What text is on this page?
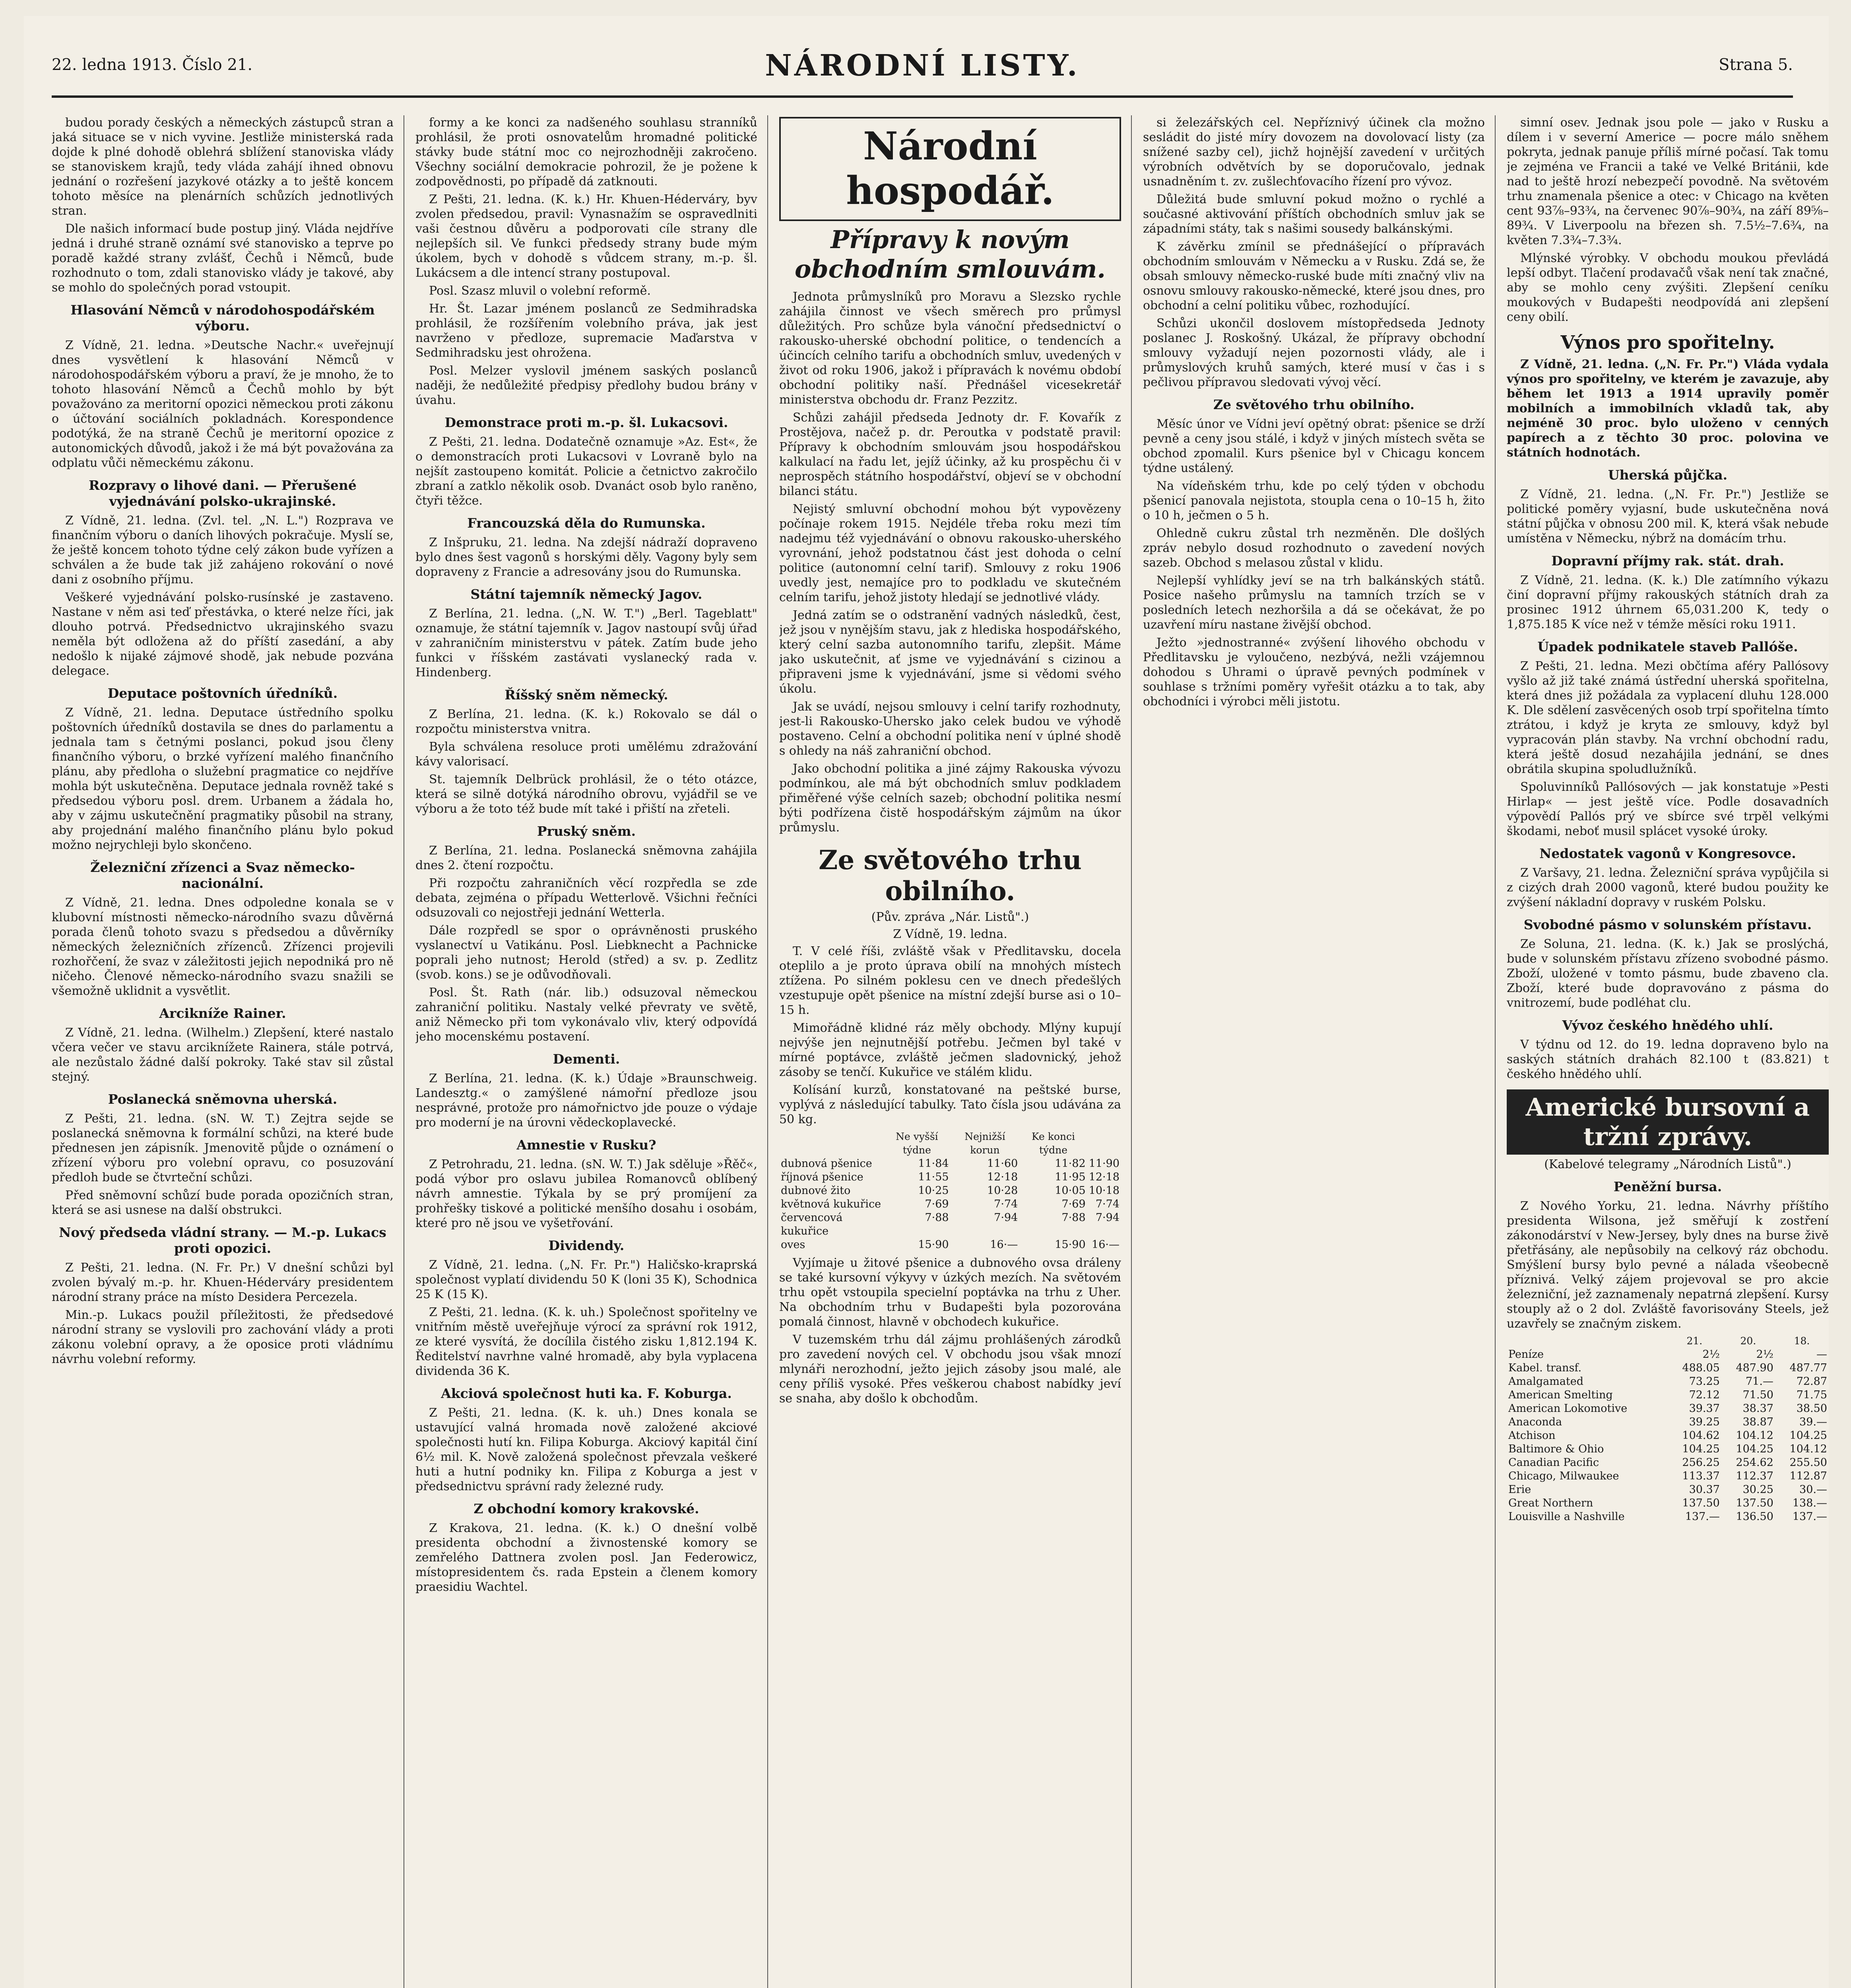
22. ledna 1913. Číslo 21.	NÁRODNÍ LISTY.	Strana 5.

budou porady českých a německých zástupců stran a jaká situace se v nich vyvine. Jestliže ministerská rada dojde k plné dohodě oblehrá sblížení stanoviska vlády se stanoviskem krajů, tedy vláda zahájí ihned obnovu jednání o rozřešení jazykové otázky a to ještě koncem tohoto měsíce na plenárních schůzích jednotlivých stran.

Dle našich informací bude postup jiný. Vláda nejdříve jedná i druhé straně oznámí své stanovisko a teprve po poradě každé strany zvlášť, Čechů i Němců, bude rozhodnuto o tom, zdali stanovisko vlády je takové, aby se mohlo do společných porad vstoupit.

Hlasování Němců v národohospodářském výboru.

Z Vídně, 21. ledna. »Deutsche Nachr.« uveřejnují dnes vysvětlení k hlasování Němců v národohospodářském výboru a praví, že je mnoho, že to tohoto hlasování Němců a Čechů mohlo by být považováno za meritorní opozici německou proti zákonu o účtování sociálních pokladnách. Korespondence podotýká, že na straně Čechů je meritorní opozice z autonomických důvodů, jakož i že má být považována za odplatu vůči německému zákonu.

Rozpravy o lihové dani. — Přerušené vyjednávání polsko-ukrajinské.

Z Vídně, 21. ledna. (Zvl. tel. „N. L.") Rozprava ve finančním výboru o daních lihových pokračuje. Myslí se, že ještě koncem tohoto týdne celý zákon bude vyřízen a schválen a že bude tak již zahájeno rokování o nové dani z osobního příjmu.

Veškeré vyjednávání polsko-rusínské je zastaveno. Nastane v něm asi teď přestávka, o které nelze říci, jak dlouho potrvá. Předsednictvo ukrajinského svazu neměla být odložena až do příští zasedání, a aby nedošlo k nijaké zájmové shodě, jak nebude pozvána delegace.

Deputace poštovních úředníků.

Z Vídně, 21. ledna. Deputace ústředního spolku poštovních úředníků dostavila se dnes do parlamentu a jednala tam s četnými poslanci, pokud jsou členy finančního výboru, o brzké vyřízení malého finančního plánu, aby předloha o služební pragmatice co nejdříve mohla být uskutečněna. Deputace jednala rovněž také s předsedou výboru posl. drem. Urbanem a žádala ho, aby v zájmu uskutečnění pragmatiky působil na strany, aby projednání malého finančního plánu bylo pokud možno nejrychleji bylo skončeno.

Železniční zřízenci a Svaz německo-nacionální.

Z Vídně, 21. ledna. Dnes odpoledne konala se v klubovní místnosti německo-národního svazu důvěrná porada členů tohoto svazu s předsedou a důvěrníky německých železničních zřízenců. Zřízenci projevili rozhořčení, že svaz v záležitosti jejich nepodniká pro ně ničeho. Členové německo-národního svazu snažili se všemožně uklidnit a vysvětlit.

Arcikníže Rainer.

Z Vídně, 21. ledna. (Wilhelm.) Zlepšení, které nastalo včera večer ve stavu arciknížete Rainera, stále potrvá, ale nezůstalo žádné další pokroky. Také stav sil zůstal stejný.

Poslanecká sněmovna uherská.

Z Pešti, 21. ledna. (sN. W. T.) Zejtra sejde se poslanecká sněmovna k formální schůzi, na které bude přednesen jen zápisník. Jmenovitě půjde o oznámení o zřízení výboru pro volební opravu, co posuzování předloh bude se čtvrteční schůzi.

Před sněmovní schůzí bude porada opozičních stran, která se asi usnese na další obstrukci.

Nový předseda vládní strany. — M.-p. Lukacs proti opozici.

Z Pešti, 21. ledna. (N. Fr. Pr.) V dnešní schůzi byl zvolen bývalý m.-p. hr. Khuen-Héderváry presidentem národní strany práce na místo Desidera Percezela.

Min.-p. Lukacs použil příležitosti, že předsedové národní strany se vyslovili pro zachování vlády a proti zákonu volební opravy, a že oposice proti vládnímu návrhu volební reformy.

formy a ke konci za nadšeného souhlasu stranníků prohlásil, že proti osnovatelům hromadné politické stávky bude státní moc co nejrozhodněji zakročeno. Všechny sociální demokracie pohrozil, že je požene k zodpovědnosti, po případě dá zatknouti.

Z Pešti, 21. ledna. (K. k.) Hr. Khuen-Héderváry, byv zvolen předsedou, pravil: Vynasnažím se ospravedlniti vaši čestnou důvěru a podporovati cíle strany dle nejlepších sil. Ve funkci předsedy strany bude mým úkolem, bych v dohodě s vůdcem strany, m.-p. šl. Lukácsem a dle intencí strany postupoval.

Posl. Szasz mluvil o volební reformě.

Hr. Št. Lazar jménem poslanců ze Sedmihradska prohlásil, že rozšířením volebního práva, jak jest navrženo v předloze, supremacie Maďarstva v Sedmihradsku jest ohrožena.

Posl. Melzer vyslovil jménem saských poslanců naději, že nedůležité předpisy předlohy budou brány v úvahu.

Demonstrace proti m.-p. šl. Lukacsovi.

Z Pešti, 21. ledna. Dodatečně oznamuje »Az. Est«, že o demonstracích proti Lukacsovi v Lovraně bylo na nejšít zastoupeno komitát. Policie a četnictvo zakročilo zbraní a zatklo několik osob. Dvanáct osob bylo raněno, čtyři těžce.

Francouzská děla do Rumunska.

Z Inšpruku, 21. ledna. Na zdejší nádraží dopraveno bylo dnes šest vagonů s horskými děly. Vagony byly sem dopraveny z Francie a adresovány jsou do Rumunska.

Státní tajemník německý Jagov.

Z Berlína, 21. ledna. („N. W. T.") „Berl. Tageblatt" oznamuje, že státní tajemník v. Jagov nastoupí svůj úřad v zahraničním ministerstvu v pátek. Zatím bude jeho funkci v říšském zastávati vyslanecký rada v. Hindenberg.

Říšský sněm německý.

Z Berlína, 21. ledna. (K. k.) Rokovalo se dál o rozpočtu ministerstva vnitra.

Byla schválena resoluce proti umělému zdražování kávy valorisací.

St. tajemník Delbrück prohlásil, že o této otázce, která se silně dotýká národního obrovu, vyjádřil se ve výboru a že toto též bude mít také i přiští na zřeteli.

Pruský sněm.

Z Berlína, 21. ledna. Poslanecká sněmovna zahájila dnes 2. čtení rozpočtu.

Při rozpočtu zahraničních věcí rozpředla se zde debata, zejména o případu Wetterlově. Všichni řečníci odsuzovali co nejostřeji jednání Wetterla.

Dále rozpředl se spor o oprávněnosti pruského vyslanectví u Vatikánu. Posl. Liebknecht a Pachnicke poprali jeho nutnost; Herold (střed) a sv. p. Zedlitz (svob. kons.) se je odůvodňovali.

Posl. Št. Rath (nár. lib.) odsuzoval německou zahraniční politiku. Nastaly velké převraty ve světě, aniž Německo při tom vykonávalo vliv, který odpovídá jeho mocenskému postavení.

Dementi.

Z Berlína, 21. ledna. (K. k.) Údaje »Braunschweig. Landesztg.« o zamýšlené námořní předloze jsou nesprávné, protože pro námořnictvo jde pouze o výdaje pro moderní je na úrovni vědeckoplavecké.

Amnestie v Rusku?

Z Petrohradu, 21. ledna. (sN. W. T.) Jak sděluje »Řěč«, podá výbor pro oslavu jubilea Romanovců oblíbený návrh amnestie. Týkala by se prý promíjení za prohřešky tiskové a politické menšího dosahu i osobám, které pro ně jsou ve vyšetřování.

Dividendy.

Z Vídně, 21. ledna. („N. Fr. Pr.") Haličsko-kraprská společnost vyplatí dividendu 50 K (loni 35 K), Schodnica 25 K (15 K).

Z Pešti, 21. ledna. (K. k. uh.) Společnost spořitelny ve vnitřním městě uveřejňuje výrocí za správní rok 1912, ze které vysvítá, že docílila čistého zisku 1,812.194 K. Ředitelství navrhne valné hromadě, aby byla vyplacena dividenda 36 K.

Akciová společnost huti ka. F. Koburga.

Z Pešti, 21. ledna. (K. k. uh.) Dnes konala se ustavující valná hromada nově založené akciové společnosti hutí kn. Filipa Koburga. Akciový kapitál činí 6½ mil. K. Nově založená společnost převzala veškeré huti a hutní podniky kn. Filipa z Koburga a jest v předsednictvu správní rady železné rudy.

Z obchodní komory krakovské.

Z Krakova, 21. ledna. (K. k.) O dnešní volbě presidenta obchodní a živnostenské komory se zemřelého Dattnera zvolen posl. Jan Federowicz, místopresidentem čs. rada Epstein a členem komory praesidiu Wachtel.

Národní hospodář.
Přípravy k novým obchodním smlouvám.

Jednota průmyslníků pro Moravu a Slezsko rychle zahájila činnost ve všech směrech pro průmysl důležitých. Pro schůze byla vánoční předsednictví o rakousko-uherské obchodní politice, o tendencích a účincích celního tarifu a obchodních smluv, uvedených v život od roku 1906, jakož i přípravách k novému období obchodní politiky naší. Přednášel vicesekretář ministerstva obchodu dr. Franz Pezzitz.

Schůzi zahájil předseda Jednoty dr. F. Kovařík z Prostějova, načež p. dr. Peroutka v podstatě pravil: Přípravy k obchodním smlouvám jsou hospodářskou kalkulací na řadu let, jejíž účinky, až ku prospěchu či v neprospěch státního hospodářství, objeví se v obchodní bilanci státu.

Nejistý smluvní obchodní mohou být vypovězeny počínaje rokem 1915. Nejdéle třeba roku mezi tím nadejmu též vyjednávání o obnovu rakousko-uherského vyrovnání, jehož podstatnou část jest dohoda o celní politice (autonomní celní tarif). Smlouvy z roku 1906 uvedly jest, nemajíce pro to podkladu ve skutečném celním tarifu, jehož jistoty hledají se jednotlivé vlády.

Jedná zatím se o odstranění vadných následků, čest, jež jsou v nynějším stavu, jak z hlediska hospodářského, který celní sazba autonomního tarifu, zlepšit. Máme jako uskutečnit, ať jsme ve vyjednávání s cizinou a připraveni jsme k vyjednávání, jsme si vědomi svého úkolu.

Jak se uvádí, nejsou smlouvy i celní tarify rozhodnuty, jest-li Rakousko-Uhersko jako celek budou ve výhodě postaveno. Celní a obchodní politika není v úplné shodě s ohledy na náš zahraniční obchod.

Jako obchodní politika a jiné zájmy Rakouska vývozu podmínkou, ale má být obchodních smluv podkladem přiměřené výše celních sazeb; obchodní politika nesmí býti podřízena čistě hospodářským zájmům na úkor průmyslu.

Ze světového trhu obilního.
(Pův. zpráva „Nár. Listů".)
Z Vídně, 19. ledna.

T. V celé říši, zvláště však v Předlitavsku, docela oteplilo a je proto úprava obilí na mnohých místech ztížena. Po silném poklesu cen ve dnech předešlých vzestupuje opět pšenice na místní zdejší burse asi o 10–15 h.

Mimořádně klidné ráz měly obchody. Mlýny kupují nejvýše jen nejnutnější potřebu. Ječmen byl také v mírné poptávce, zvláště ječmen sladovnický, jehož zásoby se tenčí. Kukuřice ve stálém klidu.

Kolísání kurzů, konstatované na peštské burse, vyplývá z následující tabulky. Tato čísla jsou udávána za 50 kg.

	Ne vyšší týdne	Nejnižší korun	Ke konci týdne	
dubnová pšenice	11·84	11·60	11·82	11·90
říjnová pšenice	11·55	12·18	11·95	12·18
dubnové žito	10·25	10·28	10·05	10·18
květnová kukuřice	7·69	7·74	7·69	7·74
červencová kukuřice	7·88	7·94	7·88	7·94
oves	15·90	16·—	15·90	16·—

Vyjímaje u žitové pšenice a dubnového ovsa dráleny se také kursovní výkyvy v úzkých mezích. Na světovém trhu opět vstoupila specielní poptávka na trhu z Uher. Na obchodním trhu v Budapešti byla pozorována pomalá činnost, hlavně v obchodech kukuřice.

V tuzemském trhu dál zájmu prohlášených zárodků pro zavedení nových cel. V obchodu jsou však mnozí mlynáři nerozhodní, ježto jejich zásoby jsou malé, ale ceny příliš vysoké. Přes veškerou chabost nabídky jeví se snaha, aby došlo k obchodům.

si železářských cel. Nepříznivý účinek cla možno sesládit do jisté míry dovozem na dovolovací listy (za snížené sazby cel), jichž hojnější zavedení v určitých výrobních odvětvích by se doporučovalo, jednak usnadněním t. zv. zušlechťovacího řízení pro vývoz.

Důležitá bude smluvní pokud možno o rychlé a současné aktivování příštích obchodních smluv jak se západními státy, tak s našimi sousedy balkánskými.

K závěrku zmínil se přednášející o přípravách obchodním smlouvám v Německu a v Rusku. Zdá se, že obsah smlouvy německo-ruské bude míti značný vliv na osnovu smlouvy rakousko-německé, které jsou dnes, pro obchodní a celní politiku vůbec, rozhodující.

Schůzi ukončil doslovem místopředseda Jednoty poslanec J. Roskošný. Ukázal, že přípravy obchodní smlouvy vyžadují nejen pozornosti vlády, ale i průmyslových kruhů samých, které musí v čas i s pečlivou přípravou sledovati vývoj věcí.

Ze světového trhu obilního.

Měsíc únor ve Vídni jeví opětný obrat: pšenice se drží pevně a ceny jsou stálé, i když v jiných místech světa se obchod zpomalil. Kurs pšenice byl v Chicagu koncem týdne ustálený.

Na vídeňském trhu, kde po celý týden v obchodu pšenicí panovala nejistota, stoupla cena o 10–15 h, žito o 10 h, ječmen o 5 h.

Ohledně cukru zůstal trh nezměněn. Dle došlých zpráv nebylo dosud rozhodnuto o zavedení nových sazeb. Obchod s melasou zůstal v klidu.

Nejlepší vyhlídky jeví se na trh balkánských států. Posice našeho průmyslu na tamních trzích se v posledních letech nezhoršila a dá se očekávat, že po uzavření míru nastane živější obchod.

Ježto »jednostranné« zvýšení lihového obchodu v Předlitavsku je vyloučeno, nezbývá, nežli vzájemnou dohodou s Uhrami o úpravě pevných podmínek v souhlase s tržními poměry vyřešit otázku a to tak, aby obchodníci i výrobci měli jistotu.

simní osev. Jednak jsou pole — jako v Rusku a dílem i v severní Americe — pocre málo sněhem pokryta, jednak panuje příliš mírné počasí. Tak tomu je zejména ve Francii a také ve Velké Británii, kde nad to ještě hrozí nebezpečí povodně. Na světovém trhu znamenala pšenice a otec: v Chicago na květen cent 93⅞–93¾, na červenec 90⅞–90¾, na září 89⅝–89¾. V Liverpoolu na březen sh. 7.5½–7.6¾, na květen 7.3¾–7.3¾.

Mlýnské výrobky. V obchodu moukou převládá lepší odbyt. Tlačení prodavačů však není tak značné, aby se mohlo ceny zvýšiti. Zlepšení ceníku moukových v Budapešti neodpovídá ani zlepšení ceny obilí.

Výnos pro spořitelny.

Z Vídně, 21. ledna. („N. Fr. Pr.") Vláda vydala výnos pro spořitelny, ve kterém je zavazuje, aby během let 1913 a 1914 upravily poměr mobilních a immobilních vkladů tak, aby nejméně 30 proc. bylo uloženo v cenných papírech a z těchto 30 proc. polovina ve státních hodnotách.

Uherská půjčka.

Z Vídně, 21. ledna. („N. Fr. Pr.") Jestliže se politické poměry vyjasní, bude uskutečněna nová státní půjčka v obnosu 200 mil. K, která však nebude umístěna v Německu, nýbrž na domácím trhu.

Dopravní příjmy rak. stát. drah.

Z Vídně, 21. ledna. (K. k.) Dle zatímního výkazu činí dopravní příjmy rakouských státních drah za prosinec 1912 úhrnem 65,031.200 K, tedy o 1,875.185 K více než v témže měsíci roku 1911.

Úpadek podnikatele staveb Pallóše.

Z Pešti, 21. ledna. Mezi občtíma aféry Pallósovy vyšlo až již také známá ústřední uherská spořitelna, která dnes již požádala za vyplacení dluhu 128.000 K. Dle sdělení zasvěcených osob trpí spořitelna tímto ztrátou, i když je kryta ze smlouvy, když byl vypracován plán stavby. Na vrchní obchodní radu, která ještě dosud nezahájila jednání, se dnes obrátila skupina spoludlužníků.

Spoluvinníků Pallósových — jak konstatuje »Pesti Hirlap« — jest ještě více. Podle dosavadních výpovědí Pallós prý ve sbírce své trpěl velkými škodami, neboť musil splácet vysoké úroky.

Nedostatek vagonů v Kongresovce.

Z Varšavy, 21. ledna. Železniční správa vypůjčila si z cizých drah 2000 vagonů, které budou použity ke zvýšení nákladní dopravy v ruském Polsku.

Svobodné pásmo v solunském přístavu.

Ze Soluna, 21. ledna. (K. k.) Jak se proslýchá, bude v solunském přístavu zřízeno svobodné pásmo. Zboží, uložené v tomto pásmu, bude zbaveno cla. Zboží, které bude dopravováno z pásma do vnitrozemí, bude podléhat clu.

Vývoz českého hnědého uhlí.

V týdnu od 12. do 19. ledna dopraveno bylo na saských státních drahách 82.100 t (83.821) t českého hnědého uhlí.

Americké bursovní a tržní zprávy.
(Kabelové telegramy „Národních Listů".)
Peněžní bursa.

Z Nového Yorku, 21. ledna. Návrhy příštího presidenta Wilsona, jež směřují k zostření zákonodárství v New-Jersey, byly dnes na burse živě přetřásány, ale nepůsobily na celkový ráz obchodu. Smýšlení bursy bylo pevné a nálada všeobecně příznivá. Velký zájem projevoval se pro akcie železniční, jež zaznamenaly nepatrná zlepšení. Kursy stouply až o 2 dol. Zvláště favorisovány Steels, jež uzavřely se značným ziskem.

	21.	20.	18.
Peníze	2½	2½	—
Kabel. transf.	488.05	487.90	487.77
Amalgamated	73.25	71.—	72.87
American Smelting	72.12	71.50	71.75
American Lokomotive	39.37	38.37	38.50
Anaconda	39.25	38.87	39.—
Atchison	104.62	104.12	104.25
Baltimore & Ohio	104.25	104.25	104.12
Canadian Pacific	256.25	254.62	255.50
Chicago, Milwaukee	113.37	112.37	112.87
Erie	30.37	30.25	30.—
Great Northern	137.50	137.50	138.—
Louisville a Nashville	137.—	136.50	137.—
